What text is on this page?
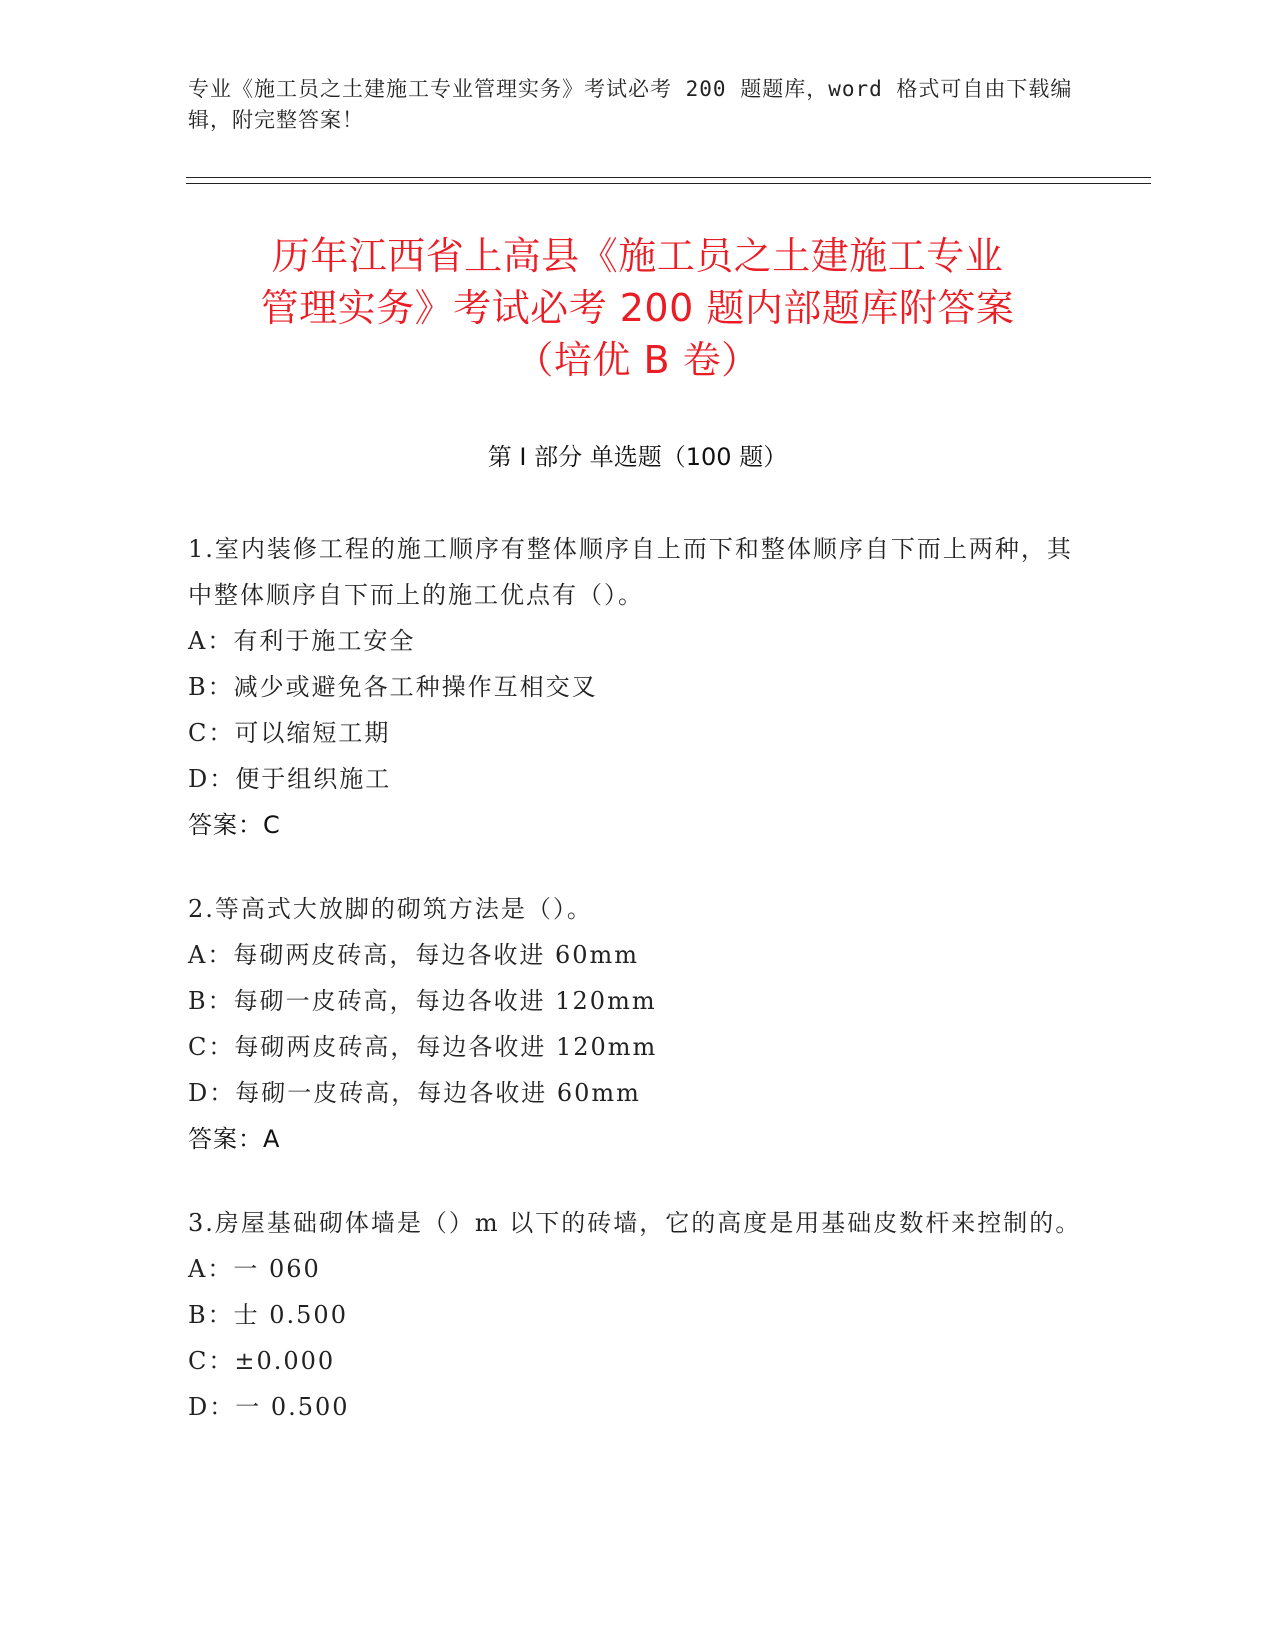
专业《施工员之土建施工专业管理实务》考试必考 200 题题库，word 格式可自由下载编辑，附完整答案！

历年江西省上高县《施工员之土建施工专业
管理实务》考试必考 200 题内部题库附答案
（培优 B 卷）
第 I 部分 单选题（100 题）

1.室内装修工程的施工顺序有整体顺序自上而下和整体顺序自下而上两种，其中整体顺序自下而上的施工优点有（）。

A：有利于施工安全

B：减少或避免各工种操作互相交叉

C：可以缩短工期

D：便于组织施工

答案：C

2.等高式大放脚的砌筑方法是（）。

A：每砌两皮砖高，每边各收进 60mm

B：每砌一皮砖高，每边各收进 120mm

C：每砌两皮砖高，每边各收进 120mm

D：每砌一皮砖高，每边各收进 60mm

答案：A

3.房屋基础砌体墙是（）m 以下的砖墙，它的高度是用基础皮数杆来控制的。

A：一 060

B：士 0.500

C：±0.000

D：一 0.500
